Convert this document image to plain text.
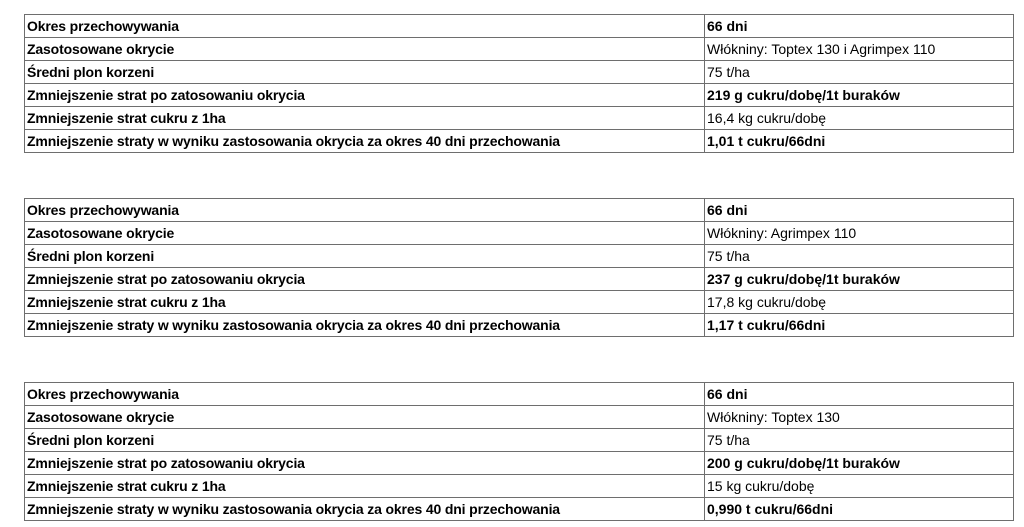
Okres przechowywania	66 dni
Zasotosowane okrycie	Włókniny: Toptex 130 i Agrimpex 110
Średni plon korzeni	75 t/ha
Zmniejszenie strat po zatosowaniu okrycia	219 g cukru/dobę/1t buraków
Zmniejszenie strat cukru z 1ha	16,4 kg cukru/dobę
Zmniejszenie straty w wyniku zastosowania okrycia za okres 40 dni przechowania	1,01 t cukru/66dni
Okres przechowywania	66 dni
Zasotosowane okrycie	Włókniny: Agrimpex 110
Średni plon korzeni	75 t/ha
Zmniejszenie strat po zatosowaniu okrycia	237 g cukru/dobę/1t buraków
Zmniejszenie strat cukru z 1ha	17,8 kg cukru/dobę
Zmniejszenie straty w wyniku zastosowania okrycia za okres 40 dni przechowania	1,17 t cukru/66dni
Okres przechowywania	66 dni
Zasotosowane okrycie	Włókniny: Toptex 130
Średni plon korzeni	75 t/ha
Zmniejszenie strat po zatosowaniu okrycia	200 g cukru/dobę/1t buraków
Zmniejszenie strat cukru z 1ha	15 kg cukru/dobę
Zmniejszenie straty w wyniku zastosowania okrycia za okres 40 dni przechowania	0,990 t cukru/66dni
